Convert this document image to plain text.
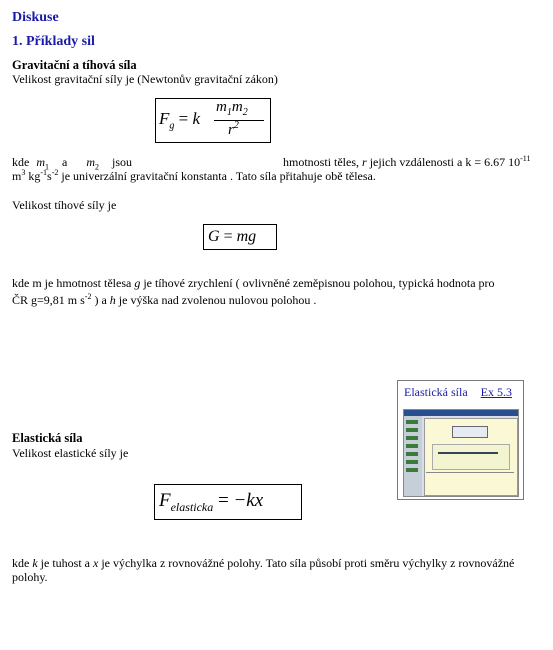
Diskuse
1. Příklady sil
Gravitační a tíhová síla
Velikost gravitační síly je (Newtonův gravitační zákon)
$F_g = k$
$m_1m_2$
$r^2$
kde $m_1$ a $m_2$ jsou	hmotnosti těles, r jejich vzdálenosti a k = 6.67 $10^{-11}$
$m^3$ $kg^{-1}s^{-2}$ je univerzální gravitační konstanta . Tato síla přitahuje obě tělesa.
Velikost tíhové síly je
G = mg
kde m je hmotnost tělesa g je tíhové zrychlení ( ovlivněné zeměpisnou polohou, typická hodnota pro
ČR g=9,81 m $s^{-2}$ ) a h je výška nad zvolenou nulovou polohou .
Elastická síla Ex 5.3
Elastická síla
Velikost elastické síly je
$F_{elasticka} = -kx$
kde k je tuhost a x je výchylka z rovnovážné polohy. Tato síla působí proti směru výchylky z rovnovážné
polohy.
